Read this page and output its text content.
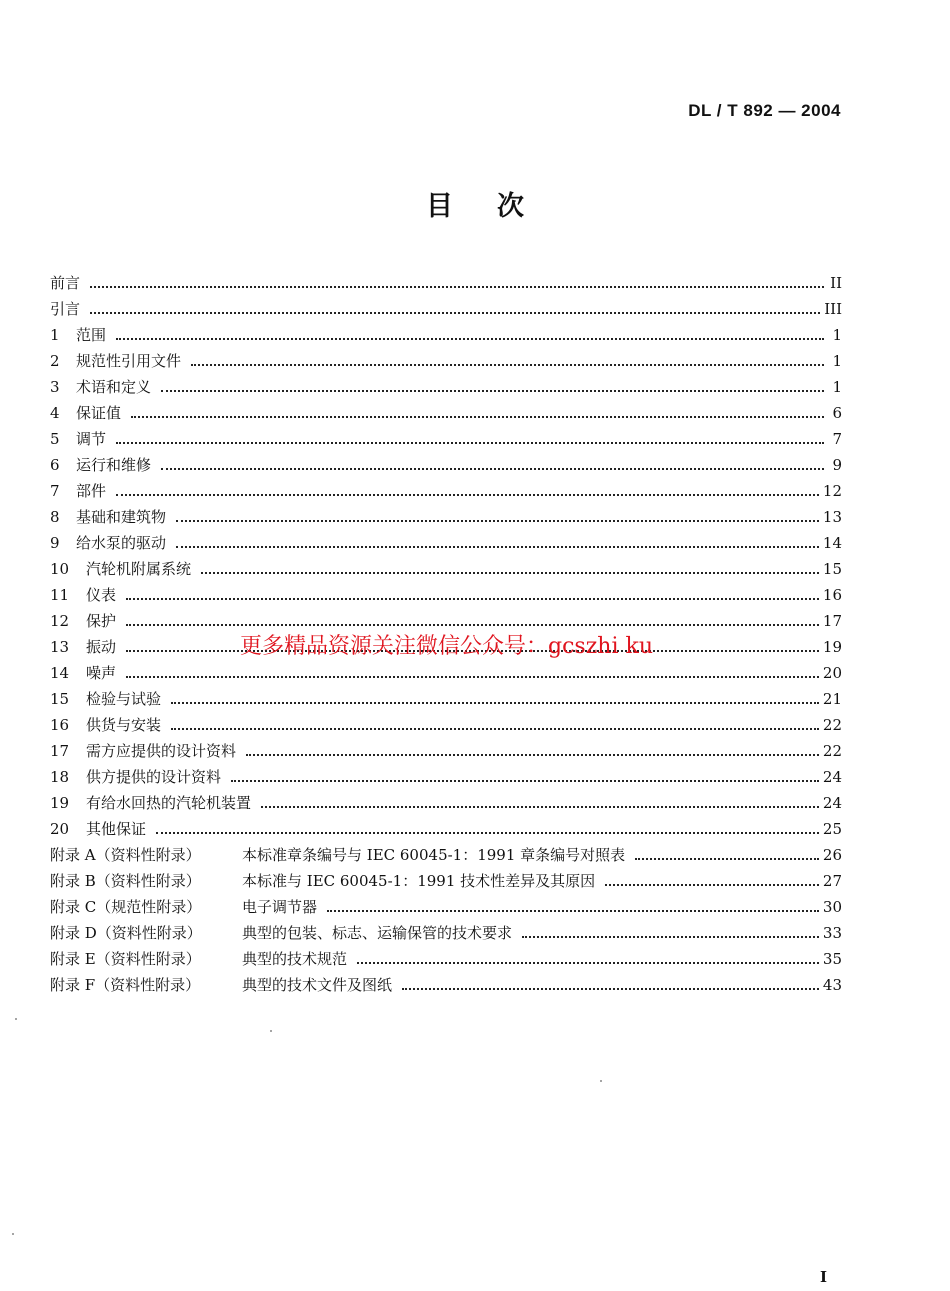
DL / T 892 — 2004
目 次
前言	II
引言	III
1	范围	1
2	规范性引用文件	1
3	术语和定义	1
4	保证值	6
5	调节	7
6	运行和维修	9
7	部件	12
8	基础和建筑物	13
9	给水泵的驱动	14
10	汽轮机附属系统	15
11	仪表	16
12	保护	17
13	振动	19
14	噪声	20
15	检验与试验	21
16	供货与安装	22
17	需方应提供的设计资料	22
18	供方提供的设计资料	24
19	有给水回热的汽轮机装置	24
20	其他保证	25
附录 A（资料性附录）	本标准章条编号与 IEC 60045-1：1991 章条编号对照表	26
附录 B（资料性附录）	本标准与 IEC 60045-1：1991 技术性差异及其原因	27
附录 C（规范性附录）	电子调节器	30
附录 D（资料性附录）	典型的包装、标志、运输保管的技术要求	33
附录 E（资料性附录）	典型的技术规范	35
附录 F（资料性附录）	典型的技术文件及图纸	43
更多精品资源关注微信公众号：gcszhi ku
I
